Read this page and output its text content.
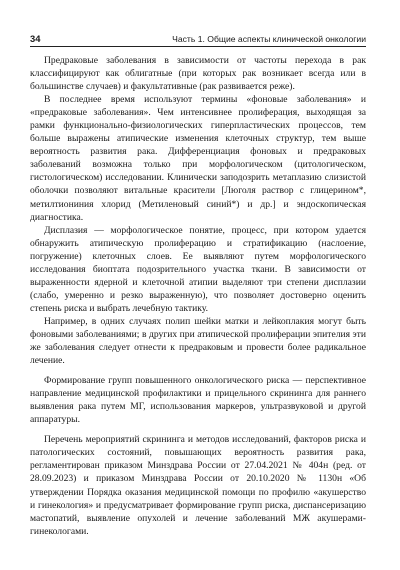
34	Часть 1. Общие аспекты клинической онкологии

Предраковые заболевания в зависимости от частоты перехода в рак классифицируют как облигатные (при которых рак возникает всегда или в большинстве случаев) и факультативные (рак развивается реже).

В последнее время используют термины «фоновые заболевания» и «предраковые заболевания». Чем интенсивнее пролиферация, выходящая за рамки функционально-физиологических гиперпластических процессов, тем больше выражены атипические изменения клеточных структур, тем выше вероятность развития рака. Дифференциация фоновых и предраковых заболеваний возможна только при морфологическом (цитологическом, гистологическом) исследовании. Клинически заподозрить метаплазию слизистой оболочки позволяют витальные красители [Люголя раствор с глицерином*, метилтиониния хлорид (Метиленовый синий*) и др.] и эндоскопическая диагностика.

Дисплазия — морфологическое понятие, процесс, при котором удается обнаружить атипическую пролиферацию и стратификацию (наслоение, погружение) клеточных слоев. Ее выявляют путем морфологического исследования биоптата подозрительного участка ткани. В зависимости от выраженности ядерной и клеточной атипии выделяют три степени дисплазии (слабо, умеренно и резко выраженную), что позволяет достоверно оценить степень риска и выбрать лечебную тактику.

Например, в одних случаях полип шейки матки и лейкоплакия могут быть фоновыми заболеваниями; в других при атипической пролиферации эпителия эти же заболевания следует отнести к предраковым и провести более радикальное лечение.

Формирование групп повышенного онкологического риска — перспективное направление медицинской профилактики и прицельного скрининга для раннего выявления рака путем МГ, использования маркеров, ультразвуковой и другой аппаратуры.

Перечень мероприятий скрининга и методов исследований, факторов риска и патологических состояний, повышающих вероятность развития рака, регламентирован приказом Минздрава России от 27.04.2021 № 404н (ред. от 28.09.2023) и приказом Минздрава России от 20.10.2020 № 1130н «Об утверждении Порядка оказания медицинской помощи по профилю «акушерство и гинекология» и предусматривает формирование групп риска, диспансеризацию мастопатий, выявление опухолей и лечение заболеваний МЖ акушерами-гинекологами.
